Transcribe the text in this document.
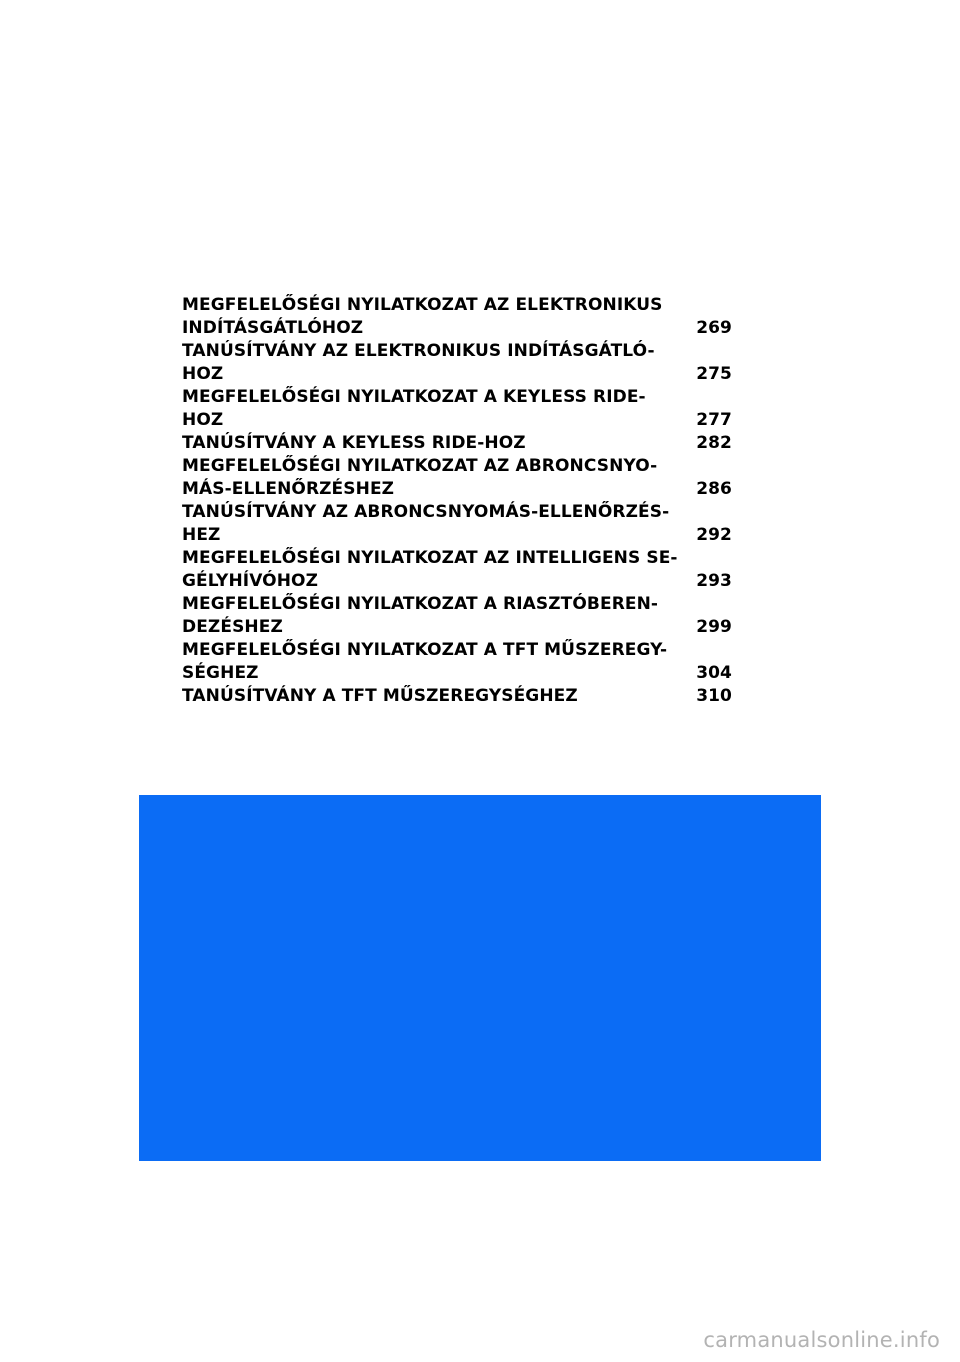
MEGFELELŐSÉGI NYILATKOZAT AZ ELEKTRONIKUS
INDÍTÁSGÁTLÓHOZ	269
TANÚSÍTVÁNY AZ ELEKTRONIKUS INDÍTÁSGÁTLÓ-
HOZ	275
MEGFELELŐSÉGI NYILATKOZAT A KEYLESS RIDE-
HOZ	277
TANÚSÍTVÁNY A KEYLESS RIDE-HOZ	282
MEGFELELŐSÉGI NYILATKOZAT AZ ABRONCSNYO-
MÁS-ELLENŐRZÉSHEZ	286
TANÚSÍTVÁNY AZ ABRONCSNYOMÁS-ELLENŐRZÉS-
HEZ	292
MEGFELELŐSÉGI NYILATKOZAT AZ INTELLIGENS SE-
GÉLYHÍVÓHOZ	293
MEGFELELŐSÉGI NYILATKOZAT A RIASZTÓBEREN-
DEZÉSHEZ	299
MEGFELELŐSÉGI NYILATKOZAT A TFT MŰSZEREGY-
SÉGHEZ	304
TANÚSÍTVÁNY A TFT MŰSZEREGYSÉGHEZ	310
carmanualsonline.info
